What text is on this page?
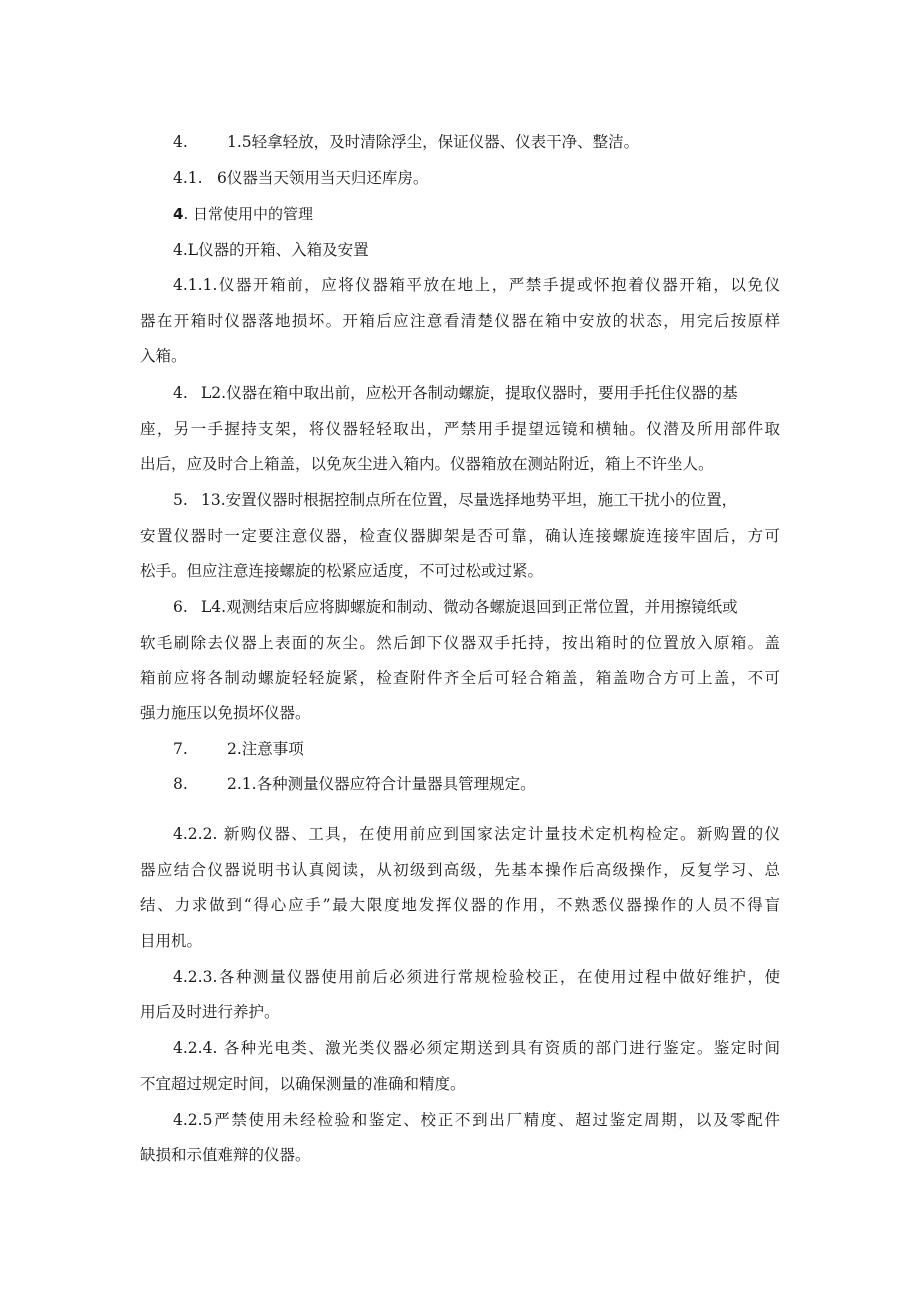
4.	1.5轻拿轻放，及时清除浮尘，保证仪器、仪表干净、整洁。
4.1. 6仪器当天领用当天归还库房。
4. 日常使用中的管理
4.L仪器的开箱、入箱及安置
4.1.1.仪器开箱前，应将仪器箱平放在地上，严禁手提或怀抱着仪器开箱，以免仪
器在开箱时仪器落地损坏。开箱后应注意看清楚仪器在箱中安放的状态，用完后按原样
入箱。
4. L2.仪器在箱中取出前，应松开各制动螺旋，提取仪器时，要用手托住仪器的基
座，另一手握持支架，将仪器轻轻取出，严禁用手提望远镜和横轴。仪潜及所用部件取
出后，应及时合上箱盖，以免灰尘进入箱内。仪器箱放在测站附近，箱上不许坐人。
5. 13.安置仪器时根据控制点所在位置，尽量选择地势平坦，施工干扰小的位置，
安置仪器时一定要注意仪器，检查仪器脚架是否可靠，确认连接螺旋连接牢固后，方可
松手。但应注意连接螺旋的松紧应适度，不可过松或过紧。
6. L4.观测结束后应将脚螺旋和制动、微动各螺旋退回到正常位置，并用擦镜纸或
软毛刷除去仪器上表面的灰尘。然后卸下仪器双手托持，按出箱时的位置放入原箱。盖
箱前应将各制动螺旋轻轻旋紧，检查附件齐全后可轻合箱盖，箱盖吻合方可上盖，不可
强力施压以免损坏仪器。
7.	2.注意事项
8.	2.1.各种测量仪器应符合计量器具管理规定。
4.2.2. 新购仪器、工具，在使用前应到国家法定计量技术定机构检定。新购置的仪
器应结合仪器说明书认真阅读，从初级到高级，先基本操作后高级操作，反复学习、总
结、力求做到“得心应手”最大限度地发挥仪器的作用，不熟悉仪器操作的人员不得盲
目用机。
4.2.3.各种测量仪器使用前后必须进行常规检验校正，在使用过程中做好维护，使
用后及时进行养护。
4.2.4. 各种光电类、激光类仪器必须定期送到具有资质的部门进行鉴定。鉴定时间
不宜超过规定时间，以确保测量的准确和精度。
4.2.5严禁使用未经检验和鉴定、校正不到出厂精度、超过鉴定周期，以及零配件
缺损和示值难辩的仪器。
